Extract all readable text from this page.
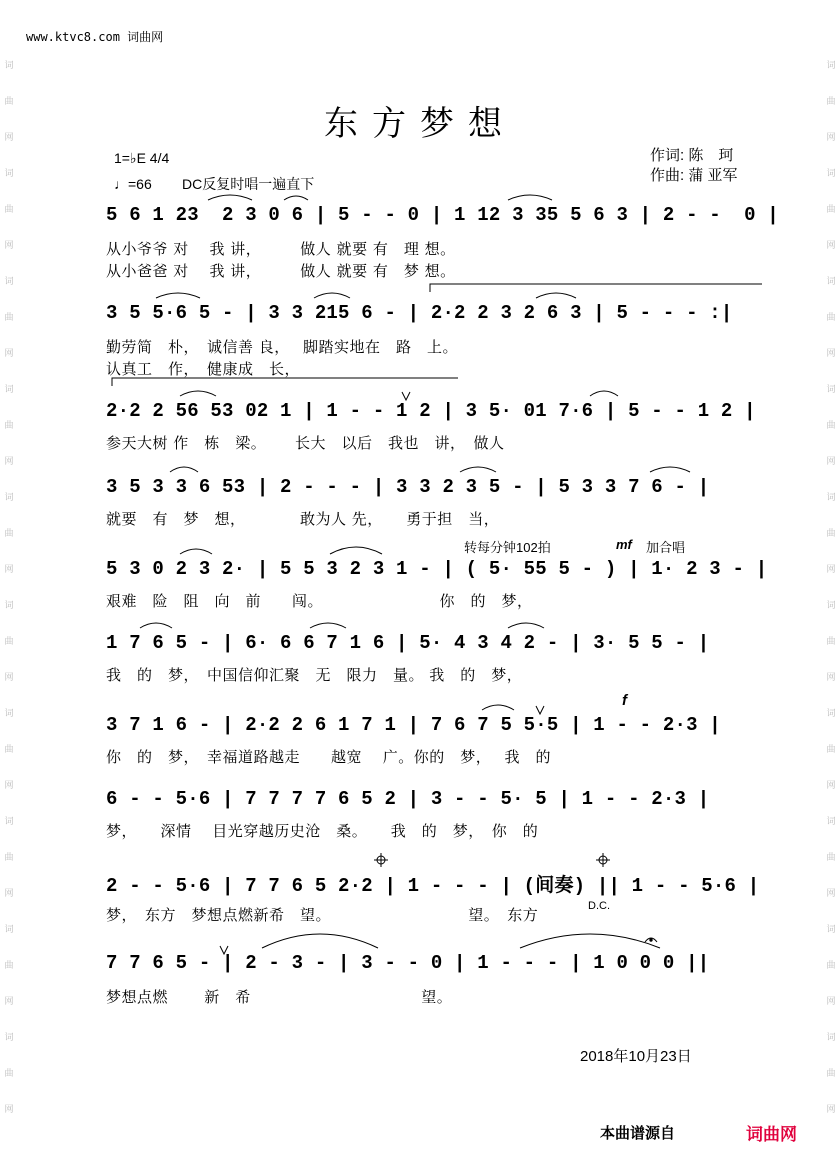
词
曲
网
词
曲
网
词
曲
网
词
曲
网
词
曲
网
词
曲
网
词
曲
网
词
曲
网
词
曲
网
词
曲
网
词
曲
网
词
曲
网
词
曲
网
词
曲
网
词
曲
网
词
曲
网
词
曲
网
词
曲
网
词
曲
网
词
曲
网
www.ktvc8.com 词曲网
东方梦想
作词: 陈　珂
作曲: 蒲 亚军
1=♭E 4/4
♩=66 DC反复时唱一遍直下
5 6 1 23  2 3 0 6 | 5 - - 0 | 1 12 3 35 5 6 3 | 2 - -  0 |
从小爷爷 对　 我 讲，　　　做人 就要 有　理 想。
从小爸爸 对　 我 讲，　　　做人 就要 有　梦 想。
3 5 5·6 5 - | 3 3 215 6 - | 2·2 2 3 2 6 3 | 5 - - - :|
勤劳简　朴，　诚信善 良，　 脚踏实地在　路　上。
认真工　作，　健康成　长，
2·2 2 56 53 02 1 | 1 - - 1 2 | 3 5· 01 7·6 | 5 - - 1 2 |
参天大树 作　栋　梁。　　 长大　以后　我也　讲，　做人
3 5 3 3 6 53 | 2 - - - | 3 3 2 3 5 - | 5 3 3 7 6 - |
就要　有　梦　想，　　　　敢为人 先，　　勇于担　当，
转每分钟102拍	mf 加合唱
5 3 0 2 3 2· | 5 5 3 2 3 1 - | ( 5· 55 5 - ) | 1· 2 3 - |
艰难　险　阻　向　前　　闯。　　　　　　　　你　的　梦，
1 7 6 5 - | 6· 6 6 7 1 6 | 5· 4 3 4 2 - | 3· 5 5 - |
我　的　梦，　中国信仰汇聚　无　限力　量。 我　的　梦，
f
3 7 1 6 - | 2·2 2 6 1 7 1 | 7 6 7 5 5·5 | 1 - - 2·3 |
你　的　梦，　幸福道路越走　　越宽　 广。你的　梦，　 我　的
6 - - 5·6 | 7 7 7 7 6 5 2 | 3 - - 5· 5 | 1 - - 2·3 |
梦，　　深情　 目光穿越历史沧　桑。　　我　的　梦，　你　的
2 - - 5·6 | 7 7 6 5 2·2 | 1 - - - | (间奏) || 1 - - 5·6 |
D.C.
梦，　东方　梦想点燃新希　望。　　　　　　　　　 望。　东方
7 7 6 5 - | 2 - 3 - | 3 - - 0 | 1 - - - | 1 0 0 0 ||
梦想点燃　　 新　希　　　　　　　　　　　望。
2018年10月23日
本曲谱源自	词曲网
